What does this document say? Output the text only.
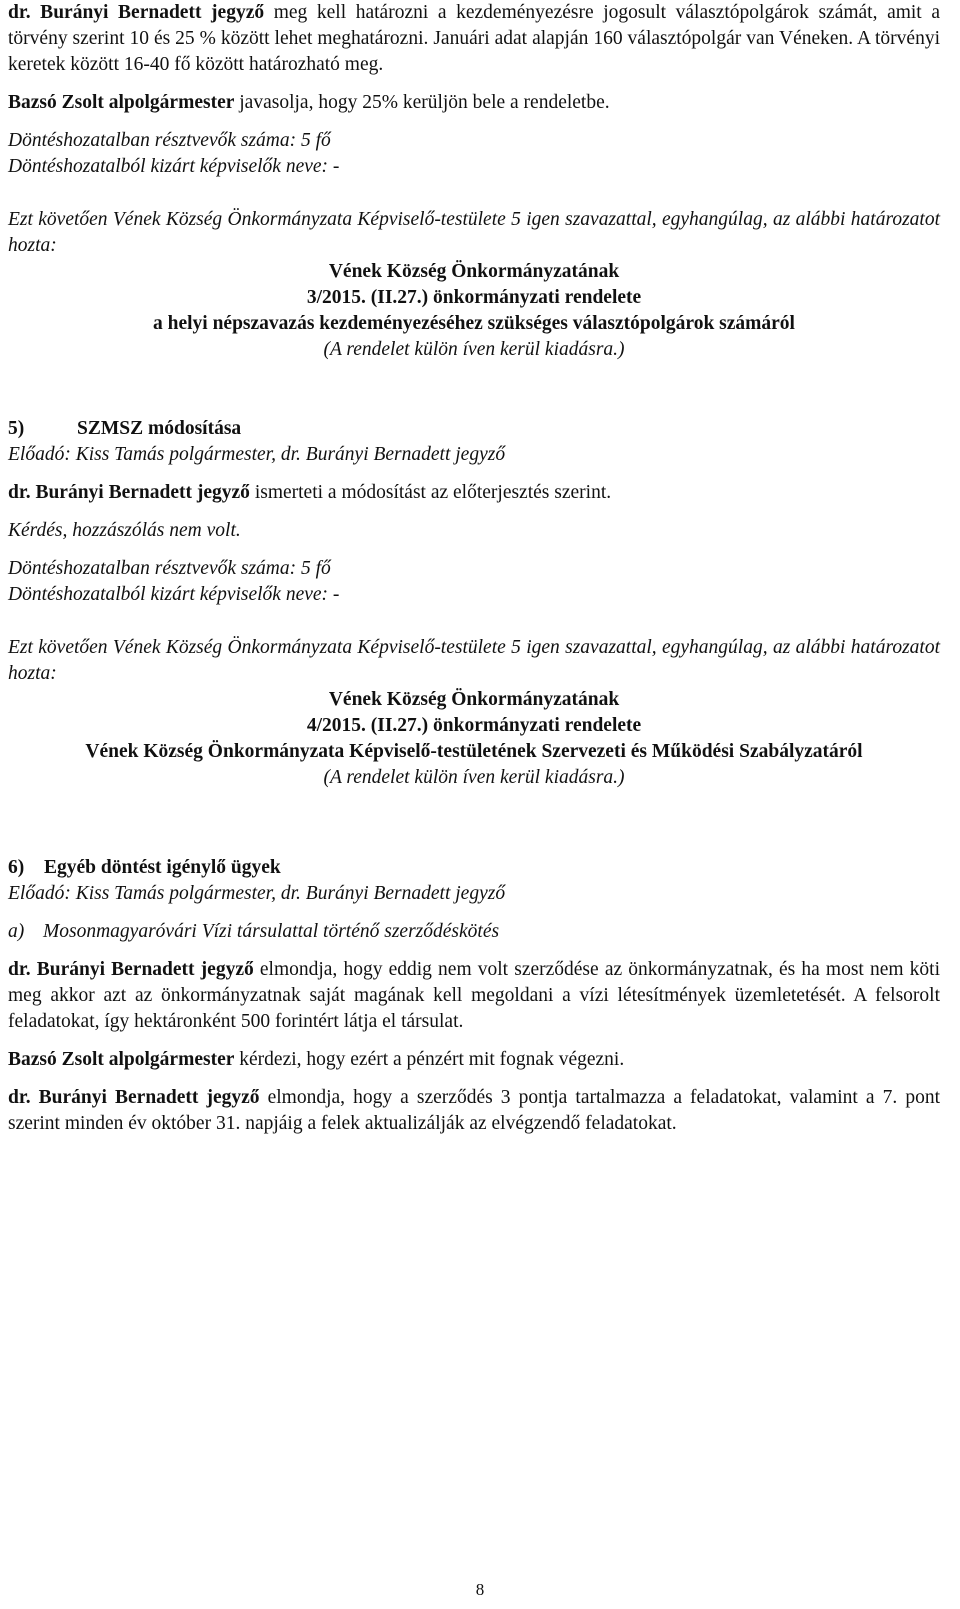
dr. Burányi Bernadett jegyző meg kell határozni a kezdeményezésre jogosult választópolgárok számát, amit a törvény szerint 10 és 25 % között lehet meghatározni. Januári adat alapján 160 választópolgár van Véneken. A törvényi keretek között 16-40 fő között határozható meg.

Bazsó Zsolt alpolgármester javasolja, hogy 25% kerüljön bele a rendeletbe.

Döntéshozatalban résztvevők száma: 5 fő

Döntéshozatalból kizárt képviselők neve: -

Ezt követően Vének Község Önkormányzata Képviselő-testülete 5 igen szavazattal, egyhangúlag, az alábbi határozatot hozta:

Vének Község Önkormányzatának

3/2015. (II.27.) önkormányzati rendelete

a helyi népszavazás kezdeményezéséhez szükséges választópolgárok számáról

(A rendelet külön íven kerül kiadásra.)

5)	SZMSZ módosítása

Előadó: Kiss Tamás polgármester, dr. Burányi Bernadett jegyző

dr. Burányi Bernadett jegyző ismerteti a módosítást az előterjesztés szerint.

Kérdés, hozzászólás nem volt.

Döntéshozatalban résztvevők száma: 5 fő

Döntéshozatalból kizárt képviselők neve: -

Ezt követően Vének Község Önkormányzata Képviselő-testülete 5 igen szavazattal, egyhangúlag, az alábbi határozatot hozta:

Vének Község Önkormányzatának

4/2015. (II.27.) önkormányzati rendelete

Vének Község Önkormányzata Képviselő-testületének Szervezeti és Működési Szabályzatáról

(A rendelet külön íven kerül kiadásra.)

6)	Egyéb döntést igénylő ügyek

Előadó: Kiss Tamás polgármester, dr. Burányi Bernadett jegyző

a) Mosonmagyaróvári Vízi társulattal történő szerződéskötés

dr. Burányi Bernadett jegyző elmondja, hogy eddig nem volt szerződése az önkormányzatnak, és ha most nem köti meg akkor azt az önkormányzatnak saját magának kell megoldani a vízi létesítmények üzemletetését. A felsorolt feladatokat, így hektáronként 500 forintért látja el társulat.

Bazsó Zsolt alpolgármester kérdezi, hogy ezért a pénzért mit fognak végezni.

dr. Burányi Bernadett jegyző elmondja, hogy a szerződés 3 pontja tartalmazza a feladatokat, valamint a 7. pont szerint minden év október 31. napjáig a felek aktualizálják az elvégzendő feladatokat.

8
